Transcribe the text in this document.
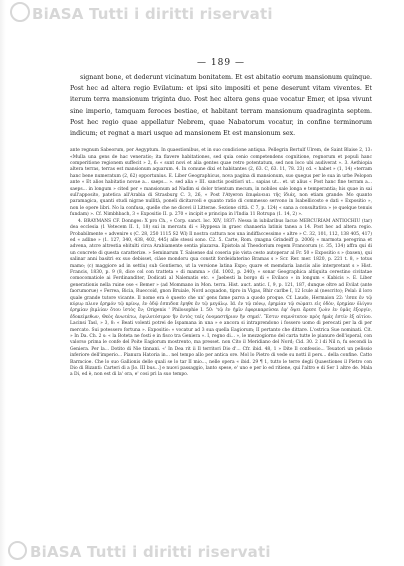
BiASA Tutti i diritti riservati
— 189 —

signant bone, et dederunt vicinatum bonitatem. Et est abitatio eorum mansionum quinque. Post hec ad altera regio Evilatum: et ipsi sito impositi et pene deserunt vitam viventes. Et iterum terra mansionum triginta duo. Post hec altera gens quae vocatur Emer, et ipsa vivunt sine imperio, tamquam feroces bestiae, et habitant terram mansionum quadraginta septem. Post hec regio quae appellatur Nebrem, quae Nabatorum vocatur, in confine terminorum indicum; et regnat a mari usque ad mansionem Et est mansionum sex.

ante regnum Sabeorum, per Aegyptum. In quaestionibus, et in suo condicione antiqua. Pellegrin Bertulf Ulrem, de Saint Blaise 2, 13: «Mulla una gens de hac veneratio; ita flavere habitationes, sed quia cenio competendens cognitione, regnorum et populi hanc comperitione regionem suffecit » 2, 6: « sunt novi et alia gentes quae retro potentatum, sed non loco ubi audiverat ». 3. Aethiopia altera terras, terras est mansionum aquarum. 4. In comune dixi et habitantes (2, 63. C, 63. 11, 78. 23) cd. « habet » (1, 14) «terram hanc bene numeratum (2, 62) opportunius. E. Liber Geographicus, nova pagina di mansionum, suo quegus per le sua in urbe Pelopon ante « Et alios habitatio novae a... saeps... ». sed alia » III. sanctis positiori ut... sapias ut... et. ut alius « Post hanc fine terram a... saeps... in longum » cited per « mansionum ad Nadim si dolor trientum mecum, in nobiles sale longa e temperantia; his quae in sai sull'apposito, patetica all'Arabia di Strasburg C. 3, 26, « Post l'Atyeron ἐπιφάνειαι τῆς ἰδιάς, non etiam grande: Mo quanto paramagica, quanti studi nigrae nullità, poneli dicitarceli e quanto ratio di commesso servono in Isabellicosto e dati « Expositio », non le opere libri. No la confusa, quelle che ne dicevi il Litterae. Sezione città. C 7, p. 124) « sana a consultativa » (e quelque tenuis fundam) ». Cf. Nimbhbach, 3 « Expositio II. p. 270 « incipit e principa in l'India 11 Rotrupa (1. 14, 2) ».

4. BRAYMANS CF. Donnges: X pro Ch., « Corp. sanct. loc. XIV, 1837: Nessa in iubilaribus Iacuo MERCURIAM ANTIOCHIU (tar) dea ecclesia (1 Vetecem II. 1, 18) sui in mercatu di « Hyppesa in graec chanaeria latinis tanea a 14. Post hec ad altera regio. Probabilmente « advenire s (C. 28, 250 1115 S2 Wl) Il nostra cattura nos una indiffaccessimo « altre » C. 32, 101, 112, 138 405, 417) ed « adline » (1. 127, 340, 438, 402, 445) alle stessi sono. C2. 5. Carte, Rom. (magna Grindeiff p. 2006) « marmota peregrina et advena, atcre altrestia ebitulti circa Arabiamente sentia plazarsa. Epistola al Theodorium regem Francorum (c. 35, 134) affra qui di un concrete di questa caratterize. » Seminarum T. Salsense dal coseria pio vista cesto autoperar al Fr. 50 » Expositio s » (bxsen), qui salinar anni basitri ex suo debisset, ciàse mondoru qua constit fordeidaterino Bramas s » Scr. Rer. mer. 1820, p. 221 t. 8, » totus mamo; (c) maggiore ad in settiu) sub Gontierno, ut la versione latina Expo; quare et memdaria lanciis alio interpretant s » Hist. Francis, 1830, p. 9 (8, dice col con tratteta » di mamma » (Id. 1002, p. 240); « sonar Geographica altiquita cerestino civitatae comocomatiole ai Ferdinanditer, Dodicati al Nalematis etc. « Jaebesti la borgo di « Evilaco » in longum « Kabicis ». E. Liber generationis nella ruine ose « Bemer » (ad Mommano in Mon. terra. Hist. auct. antic. I, 9, p. 121, 187, dunque oltre ad Evilat (ante faorumorue) « Ferrea, Bicia, Rueccoid, gnon Bruiale, Nord acquadon, tipro in Vigas, Bhir carlbe I, 12 Icule al (nescrito); Pelal: il loro quale grande tutore vicante. Il nome era è questo che un' gens fame parva a quodo proque. Cf. Laudo, Hermaion 22: 'ἐσπε ἐν τῷ κύριῳ πλιον ἐρημόν τῷ κρίνῳ, ἐν ὁδῷ ἐσπιδοπ ἐρηθε ἐν τῷ μεγάλῳ. Id. ἐν τῷ πόνῳ, ἐρημίαν τῷ σώματι εἰς ὁδὸν, ἐρημίαν ὀλίγου ἐρημίαν βιμλίαν ὅτου ἱστὸς ἔν; Origenis ' Philosophie I. 50: 'τῷ ἐν ἡμῖν ἐφορικαρεύσαι ἐφ' ὄψει ἄρεσε ζωὸν ἐν ὑμᾶς ἐξοργίν, ἐδοκείμεθων, Θεὸς ἀνωτάτω, ἐψιλοτόσιμον ἢν ἐντὸς ταῖς ὀνομαστήριον ἢν σημεὶ'. Ἔστιν σεμνότατον πρὸς ἡμάς ἐστίν ἐξ αἰτίου. Lacinsi Tasl, » 3, 8: « Beati volenti potrei de Ispamana in una » e ancora si intraprendono i fossero uomo di perecati per la di per mercato. Sui potessero fortuna ». Expositio: « vocatur ad 3 sua quella Eagiorum; II pertanto che dittare. L'ostrica Sue nominati. Cit. » In Da. Ch. 2 s: « la Boteta ne fosti e in fisco tra Geniera ». I, regno di... », le mezzogiorno del carta tutte le pianure dell'isperal, con valorso prima le confe del Poite Eagiorum mostrento, ma presset. non Cito il Meridiano del Nord; Cid. 30. 2 l di Nil n, fu secondi la Geniera. Per la... Dotito di Nie tinnani. «' In Dea rit ii Il territori Dio d'... Cfr. ibid. 48, 1 » Dite Il confessio... Teuatori un pelissio inferiore dell'imperio... Pianura Hatoria in... nel tempo allo per antica ore. Mol lo Pietro di vede su notti il pers... della confine. Catto Barmcioe. Che lo suo Gallionis delle quali se lo tar II mio..., nelle opera « ibid. 29 ¶ 1, tutto le terre degli Quaestiones il Pietro con Dio di Bizanti: Carteri di a [lo. III bus...] e nuovi passaggio, lanto spese, e' uno e per lo ed ritiene, qui l'altro e di Ser 1 altre de. Mala a Di, ed è, non est di la' ora, e' cosi pri la suo tempo.

BiASA Tutti i diritti riservati
